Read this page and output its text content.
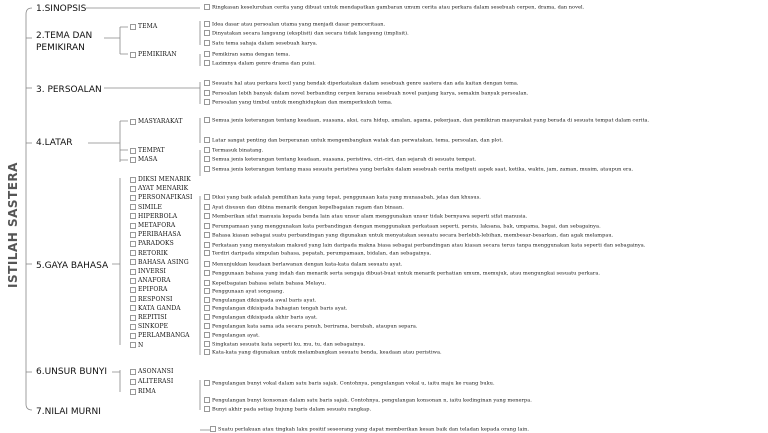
ISTILAH SASTERA
1.SINOPSIS
2.TEMA DAN
PEMIKIRAN
3. PERSOALAN
4.LATAR
5.GAYA BAHASA
6.UNSUR BUNYI
7.NILAI MURNI
TEMA
PEMIKIRAN
MASYARAKAT
TEMPAT
MASA
DIKSI MENARIK
AYAT MENARIK
PERSONAFIKASI
SIMILE
HIPERBOLA
METAFORA
PERIBAHASA
PARADOKS
RETORIK
BAHASA ASING
INVERSI
ANAFORA
EPIFORA
RESPONSI
KATA GANDA
REPITISI
SINKOPE
PERLAMBANGA
N
ASONANSI
ALITERASI
RIMA
Ringkasan keseluruhan cerita yang dibuat untuk mendapatkan gambaran umum cerita atau perkara dalam sesebuah cerpen, drama, dan novel.
Idea dasar atau persoalan utama yang menjadi dasar pemceritaan.
Dinyatakan secara langsung (eksplisit) dan secara tidak langsung (implisit).
Satu tema sahaja dalam sesebuah karya.
Pemikiran sama dengan tema.
Lazimnya dalam genre drama dan puisi.
Sesuatu hal atau perkara kecil yang hendak diperkatakan dalam sesebuah genre sastera dan ada kaitan dengan tema.
Persoalan lebih banyak dalam novel berbanding cerpen kerana sesebuah novel panjang karya, semakin banyak persoalan.
Persoalan yang timbul untuk menghidupkan dan memperkukuh tema.
Semua jenis keterangan tentang keadaan, suasana, aksi, cara hidup, amalan, agama, pekerjaan, dan pemikiran masyarakat yang berada di sesuatu tempat dalam cerita.
Latar sangat penting dan berperanan untuk mengembangkan watak dan perwatakan, tema, persoalan, dan plot.
Termasuk binatang.
Semua jenis keterangan tentang keadaan, suasana, peristiwa, ciri-ciri, dan sejarah di sesuatu tempat.
Semua jenis keterangan tentang masa sesuatu peristiwa yang berlaku dalam sesebuah cerita meliputi aspek saat, ketika, waktu, jam, zaman, musim, ataupun era.
Diksi yang baik adalah pemilihan kata yang tepat, penggunaan kata yang munasabah, jelas dan khusus.
Ayat disusun dan dibina menarik dengan kepelbagaian ragam dan binaan.
Memberikan sifat manusia kepada benda lain atau unsur alam menggunakan unsur tidak bernyawa seperti sifat manusia.
Perumpamaan yang menggunakan kata perbandingan dengan menggunakan perkataan seperti, persis, laksana, bak, umpama, bagai, dan sebagainya.
Bahasa kiasan sebagai suatu perbandingan yang digunakan untuk menyatakan sesuatu secara berlebih-lebihan, membesar-besarkan, dan agak melampau.
Perkataan yang menyatakan maksud yang lain daripada makna biasa sebagai perbandingan atau kiasan secara terus tanpa menggunakan kata seperti dan sebagainya.
Terdiri daripada simpulan bahasa, pepatah, perumpamaan, bidalan, dan sebagainya.
Menunjukkan keadaan berlawanan dengan kata-kata dalam sesuatu ayat.
Penggunaan bahasa yang indah dan menarik serta sengaja dibuat-buat untuk menarik perhatian umum, memujuk, atau mengungkai sesuatu perkara.
Kepelbagaian bahasa selain bahasa Melayu.
Penggunaan ayat songsang.
Pengulangan dikisipada awal baris ayat.
Pengulangan dikisipada bahagian tengah baris ayat.
Pengulangan dikisipada akhir baris ayat.
Pengulangan kata sama ada secara penuh, berirama, berubah, ataupun separa.
Pengulangan ayat.
Singkatan sesuatu kata seperti ku, mu, tu, dan sebagainya.
Kata-kata yang digunakan untuk melambangkan sesuatu benda, keadaan atau peristiwa.
Pengulangan bunyi vokal dalam satu baris sajak. Contohnya, pengulangan vokal u, iaitu maju ke ruang buku.
Pengulangan bunyi konsonan dalam satu baris sajak. Contohnya, pengulangan konsonan n, iaitu kedinginan yang menerpa.
Bunyi akhir pada setiap hujung baris dalam sesuatu rangkap.
Suatu perlakuan atau tingkah laku positif seseorang yang dapat memberikan kesan baik dan teladan kepada orang lain.
